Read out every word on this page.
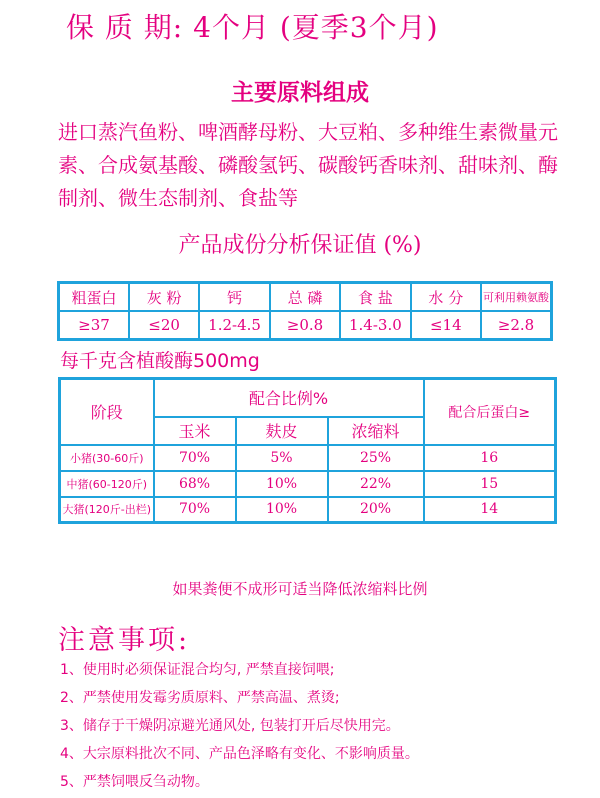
保 质 期: 4个月 (夏季3个月)
主要原料组成
进口蒸汽鱼粉、啤酒酵母粉、大豆粕、多种维生素微量元素、合成氨基酸、磷酸氢钙、碳酸钙香味剂、甜味剂、酶制剂、微生态制剂、食盐等
产品成份分析保证值 (%)
粗蛋白	灰 粉	钙	总 磷	食 盐	水 分	可利用赖氨酸
≥37	≤20	1.2-4.5	≥0.8	1.4-3.0	≤14	≥2.8
每千克含植酸酶500mg
阶段	配合比例%			配合后蛋白≥
	玉米	麸皮	浓缩料	
小猪(30-60斤)	70%	5%	25%	16
中猪(60-120斤)	68%	10%	22%	15
大猪(120斤-出栏)	70%	10%	20%	14
如果粪便不成形可适当降低浓缩料比例
注意事项:
1、使用时必须保证混合均匀, 严禁直接饲喂;
2、严禁使用发霉劣质原料、严禁高温、煮烫;
3、储存于干燥阴凉避光通风处, 包装打开后尽快用完。
4、大宗原料批次不同、产品色泽略有变化、不影响质量。
5、严禁饲喂反刍动物。
